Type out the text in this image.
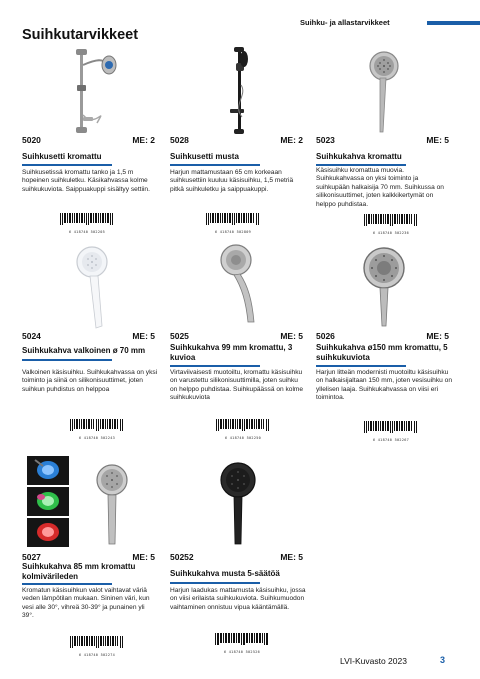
Suihkutarvikkeet
Suihku- ja allastarvikkeet
5020	ME: 2
Suihkusetti kromattu
Suihkusetissä kromattu tanko ja 1,5 m hopeinen suihkuletku. Käsikahvassa kolme suihkukuviota. Saippuakuppi sisältyy settiin.
6 418740 502205
5028	ME: 2
Suihkusetti musta
Harjun mattamustaan 65 cm korkeaan suihkusettiin kuuluu käsisuihku, 1,5 metriä pitkä suihkuletku ja saippuakuppi.
6 418740 502809
5023	ME: 5
Suihkukahva kromattu
Käsisuihku kromattua muovia. Suihkukahvassa on yksi toiminto ja suihkupään halkaisija 70 mm. Suihkussa on silikonisuuttimet, joten kalkkikertymät on helppo puhdistaa.
6 418740 502236
5024	ME: 5
Suihkukahva valkoinen ø 70 mm
Valkoinen käsisuihku. Suihkukahvassa on yksi toiminto ja siinä on silikonisuuttimet, joten suihkun puhdistus on helppoa
6 418740 502243
5025	ME: 5
Suihkukahva 99 mm kromattu, 3 kuvioa
Virtaviivaisesti muotoiltu, kromattu käsisuihku on varustettu silikonisuuttimilla, joten suihku on helppo puhdistaa. Suihkupäässä on kolme suihkukuviota
6 418740 502250
5026	ME: 5
Suihkukahva ø150 mm kromattu, 5 suihkukuviota
Harjun litteän modernisti muotoiltu käsisuihku on halkaisijaltaan 150 mm, joten vesisuihku on yllelisen laaja. Suihkukahvassa on viisi eri toimintoa.
6 418740 502267
5027	ME: 5
Suihkukahva 85 mm kromattu kolmivärileden
Kromatun käsisuihkun valot vaihtavat väriä veden lämpötilan mukaan. Sininen väri, kun vesi alle 30°, vihreä 30-39° ja punainen yli 39°.
6 418740 502274
50252	ME: 5
Suihkukahva musta 5-säätöä
Harjun laadukas mattamusta käsisuihku, jossa on viisi erilaista suihkukuviota. Suihkumuodon vaihtaminen onnistuu vipua kääntämällä.
6 418740 502526
LVI-Kuvasto 2023	3
